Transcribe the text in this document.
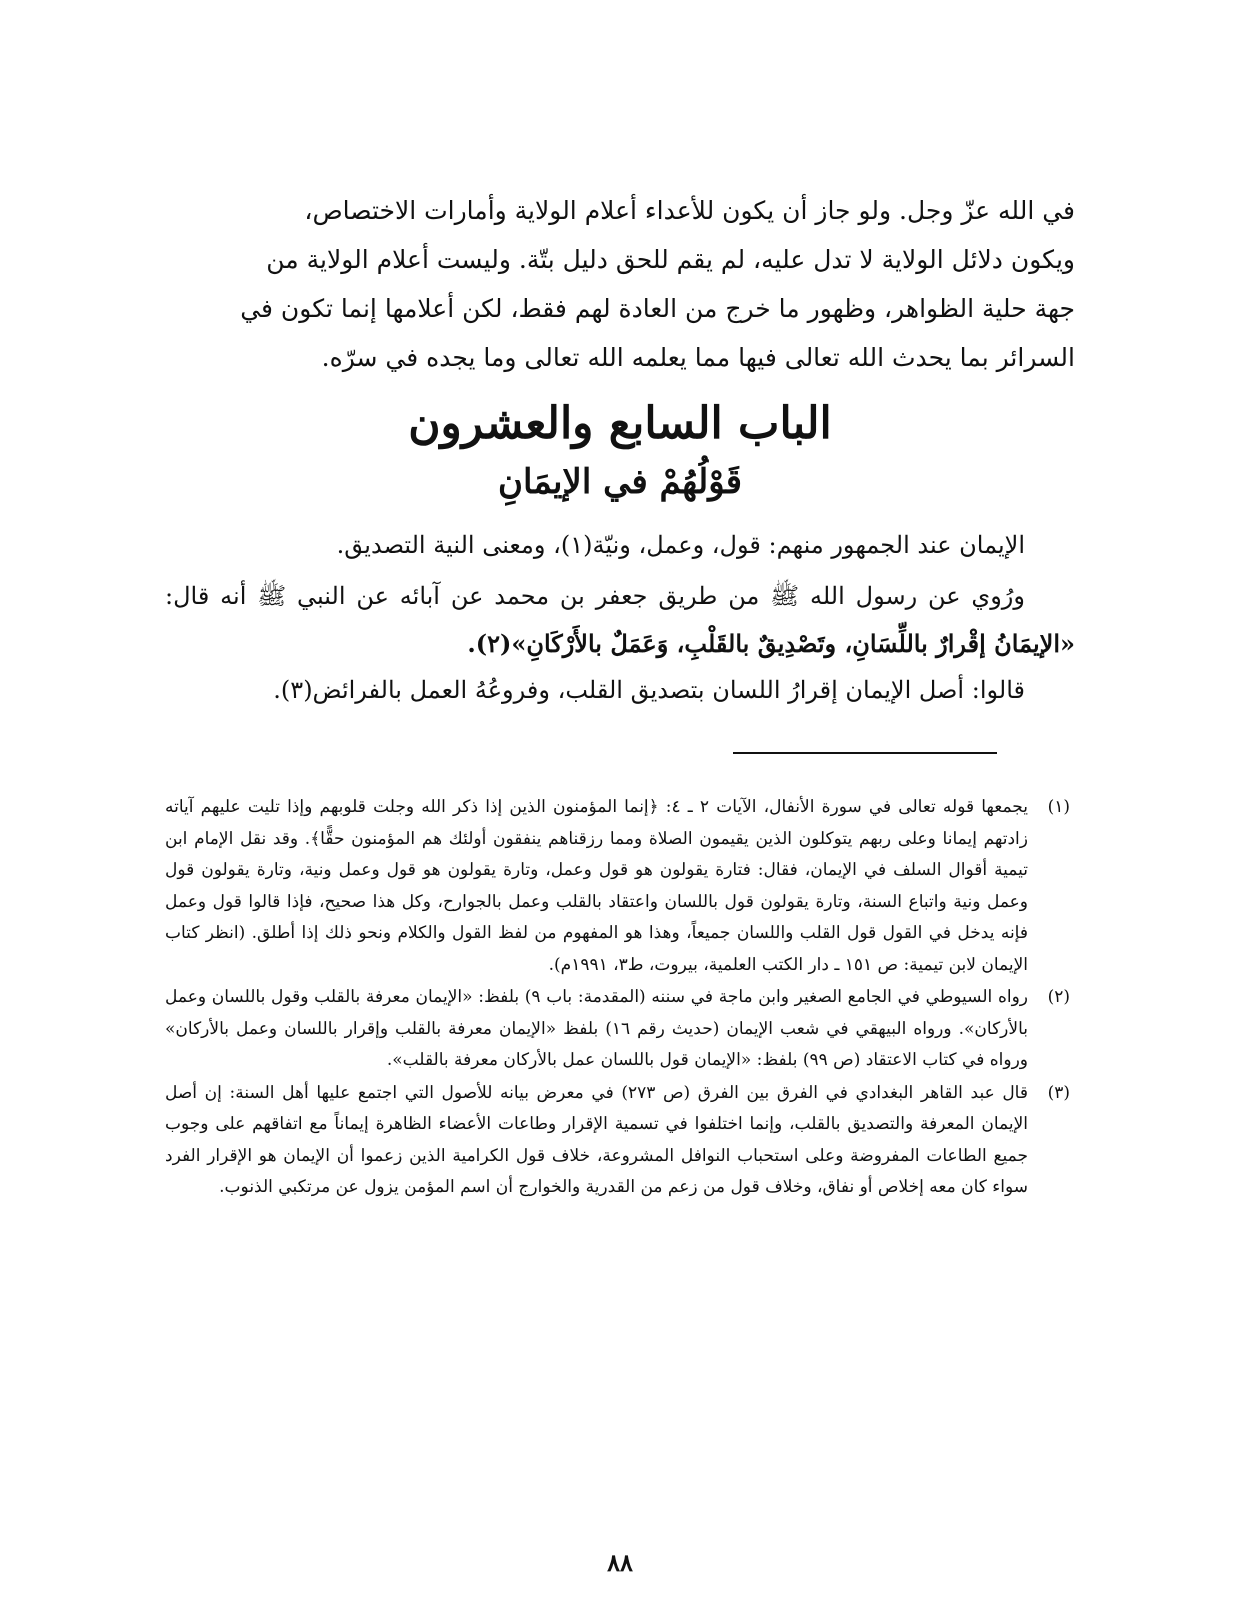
في الله عزّ وجل. ولو جاز أن يكون للأعداء أعلام الولاية وأمارات الاختصاص،

ويكون دلائل الولاية لا تدل عليه، لم يقم للحق دليل بتّة. وليست أعلام الولاية من

جهة حلية الظواهر، وظهور ما خرج من العادة لهم فقط، لكن أعلامها إنما تكون في

السرائر بما يحدث الله تعالى فيها مما يعلمه الله تعالى وما يجده في سرّه.

الباب السابع والعشرون
قَوْلُهُمْ في الإيمَانِ

الإيمان عند الجمهور منهم: قول، وعمل، ونيّة(١)، ومعنى النية التصديق.

ورُوي عن رسول الله ﷺ من طريق جعفر بن محمد عن آبائه عن النبي ﷺ أنه قال: «الإيمَانُ إقْرارٌ باللِّسَانِ، وتَصْدِيقٌ بالقَلْبِ، وَعَمَلٌ بالأَرْكَانِ»(٢).

قالوا: أصل الإيمان إقرارُ اللسان بتصديق القلب، وفروعُهُ العمل بالفرائض(٣).

(١)
يجمعها قوله تعالى في سورة الأنفال، الآيات ٢ ـ ٤: ﴿إنما المؤمنون الذين إذا ذكر الله وجلت قلوبهم وإذا تليت عليهم آياته زادتهم إيمانا وعلى ربهم يتوكلون الذين يقيمون الصلاة ومما رزقناهم ينفقون أولئك هم المؤمنون حقًّا﴾. وقد نقل الإمام ابن تيمية أقوال السلف في الإيمان، فقال: فتارة يقولون هو قول وعمل، وتارة يقولون هو قول وعمل ونية، وتارة يقولون قول وعمل ونية واتباع السنة، وتارة يقولون قول باللسان واعتقاد بالقلب وعمل بالجوارح، وكل هذا صحيح، فإذا قالوا قول وعمل فإنه يدخل في القول قول القلب واللسان جميعاً، وهذا هو المفهوم من لفظ القول والكلام ونحو ذلك إذا أطلق. (انظر كتاب الإيمان لابن تيمية: ص ١٥١ ـ دار الكتب العلمية، بيروت، ط٣، ١٩٩١م).

(٢)
رواه السيوطي في الجامع الصغير وابن ماجة في سننه (المقدمة: باب ٩) بلفظ: «الإيمان معرفة بالقلب وقول باللسان وعمل بالأركان». ورواه البيهقي في شعب الإيمان (حديث رقم ١٦) بلفظ «الإيمان معرفة بالقلب وإقرار باللسان وعمل بالأركان» ورواه في كتاب الاعتقاد (ص ٩٩) بلفظ: «الإيمان قول باللسان عمل بالأركان معرفة بالقلب».

(٣)
قال عبد القاهر البغدادي في الفرق بين الفرق (ص ٢٧٣) في معرض بيانه للأصول التي اجتمع عليها أهل السنة: إن أصل الإيمان المعرفة والتصديق بالقلب، وإنما اختلفوا في تسمية الإقرار وطاعات الأعضاء الظاهرة إيماناً مع اتفاقهم على وجوب جميع الطاعات المفروضة وعلى استحباب النوافل المشروعة، خلاف قول الكرامية الذين زعموا أن الإيمان هو الإقرار الفرد سواء كان معه إخلاص أو نفاق، وخلاف قول من زعم من القدرية والخوارج أن اسم المؤمن يزول عن مرتكبي الذنوب.

٨٨
